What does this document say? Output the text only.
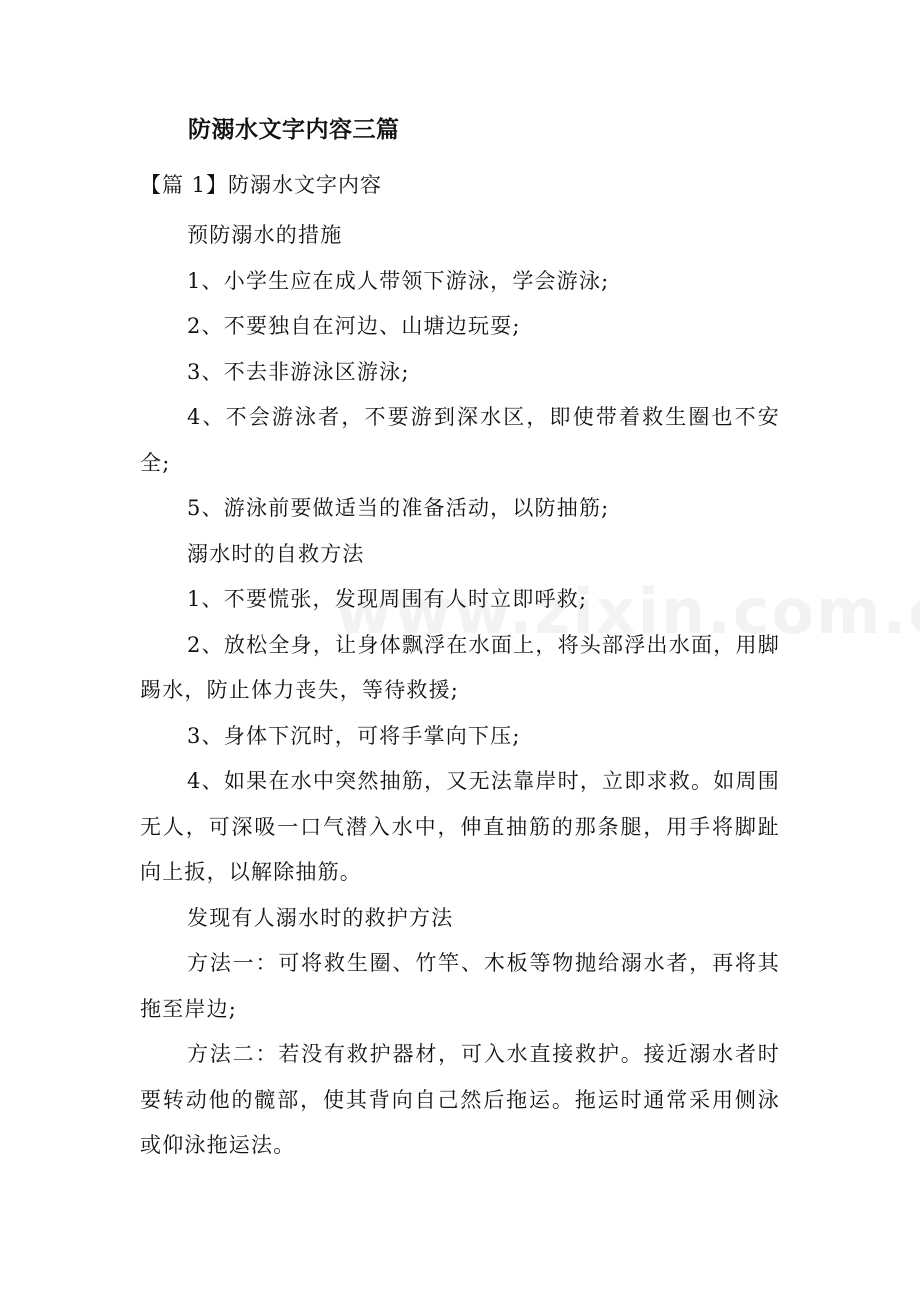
防溺水文字内容三篇

【篇 1】防溺水文字内容

预防溺水的措施

1、小学生应在成人带领下游泳，学会游泳;

2、不要独自在河边、山塘边玩耍;

3、不去非游泳区游泳;

4、不会游泳者，不要游到深水区，即使带着救生圈也不安全;

5、游泳前要做适当的准备活动，以防抽筋;

溺水时的自救方法

1、不要慌张，发现周围有人时立即呼救;

2、放松全身，让身体飘浮在水面上，将头部浮出水面，用脚踢水，防止体力丧失，等待救援;

3、身体下沉时，可将手掌向下压;

4、如果在水中突然抽筋，又无法靠岸时，立即求救。如周围无人，可深吸一口气潜入水中，伸直抽筋的那条腿，用手将脚趾向上扳，以解除抽筋。

发现有人溺水时的救护方法

方法一：可将救生圈、竹竿、木板等物抛给溺水者，再将其拖至岸边;

方法二：若没有救护器材，可入水直接救护。接近溺水者时要转动他的髋部，使其背向自己然后拖运。拖运时通常采用侧泳或仰泳拖运法。
